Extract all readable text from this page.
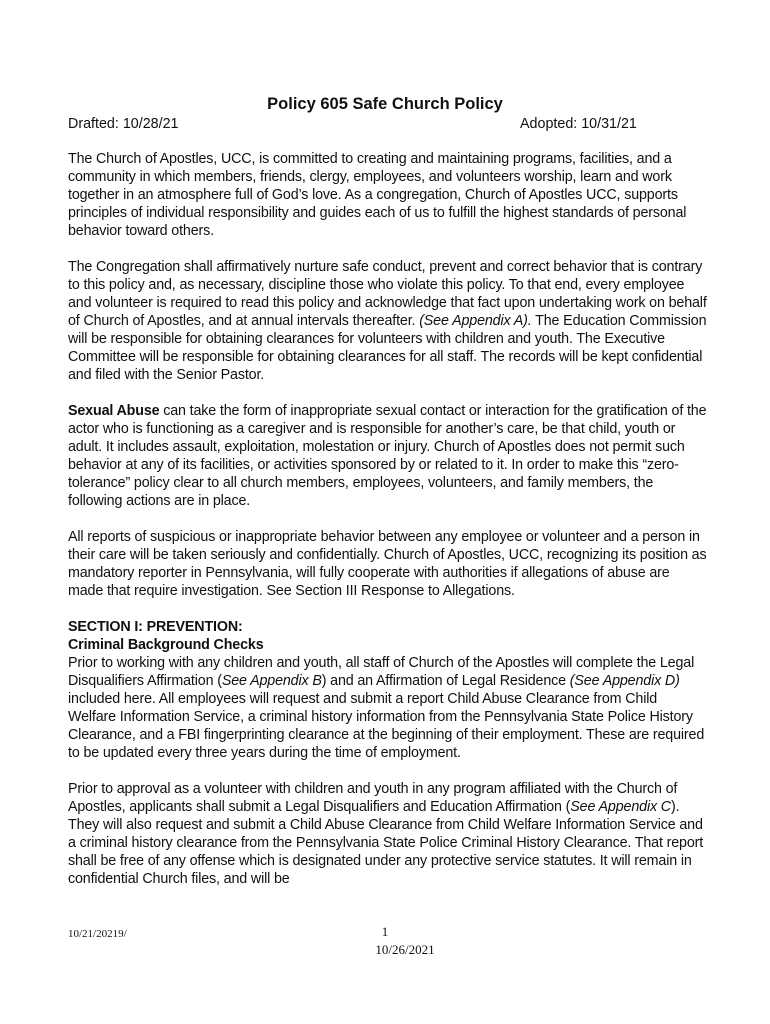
Policy 605 Safe Church Policy
Drafted: 10/28/21	Adopted: 10/31/21

The Church of Apostles, UCC, is committed to creating and maintaining programs, facilities, and a community in which members, friends, clergy, employees, and volunteers worship, learn and work together in an atmosphere full of God’s love. As a congregation, Church of Apostles UCC, supports principles of individual responsibility and guides each of us to fulfill the highest standards of personal behavior toward others.

The Congregation shall affirmatively nurture safe conduct, prevent and correct behavior that is contrary to this policy and, as necessary, discipline those who violate this policy. To that end, every employee and volunteer is required to read this policy and acknowledge that fact upon undertaking work on behalf of Church of Apostles, and at annual intervals thereafter. (See Appendix A). The Education Commission will be responsible for obtaining clearances for volunteers with children and youth. The Executive Committee will be responsible for obtaining clearances for all staff. The records will be kept confidential and filed with the Senior Pastor.

Sexual Abuse can take the form of inappropriate sexual contact or interaction for the gratification of the actor who is functioning as a caregiver and is responsible for another’s care, be that child, youth or adult. It includes assault, exploitation, molestation or injury. Church of Apostles does not permit such behavior at any of its facilities, or activities sponsored by or related to it. In order to make this “zero-tolerance” policy clear to all church members, employees, volunteers, and family members, the following actions are in place.

All reports of suspicious or inappropriate behavior between any employee or volunteer and a person in their care will be taken seriously and confidentially. Church of Apostles, UCC, recognizing its position as mandatory reporter in Pennsylvania, will fully cooperate with authorities if allegations of abuse are made that require investigation. See Section III Response to Allegations.

SECTION I: PREVENTION:

Criminal Background Checks

Prior to working with any children and youth, all staff of Church of the Apostles will complete the Legal Disqualifiers Affirmation (See Appendix B) and an Affirmation of Legal Residence (See Appendix D) included here. All employees will request and submit a report Child Abuse Clearance from Child Welfare Information Service, a criminal history information from the Pennsylvania State Police History Clearance, and a FBI fingerprinting clearance at the beginning of their employment. These are required to be updated every three years during the time of employment.

Prior to approval as a volunteer with children and youth in any program affiliated with the Church of Apostles, applicants shall submit a Legal Disqualifiers and Education Affirmation (See Appendix C). They will also request and submit a Child Abuse Clearance from Child Welfare Information Service and a criminal history clearance from the Pennsylvania State Police Criminal History Clearance. That report shall be free of any offense which is designated under any protective service statutes. It will remain in confidential Church files, and will be

10/21/20219/	1
10/26/2021
